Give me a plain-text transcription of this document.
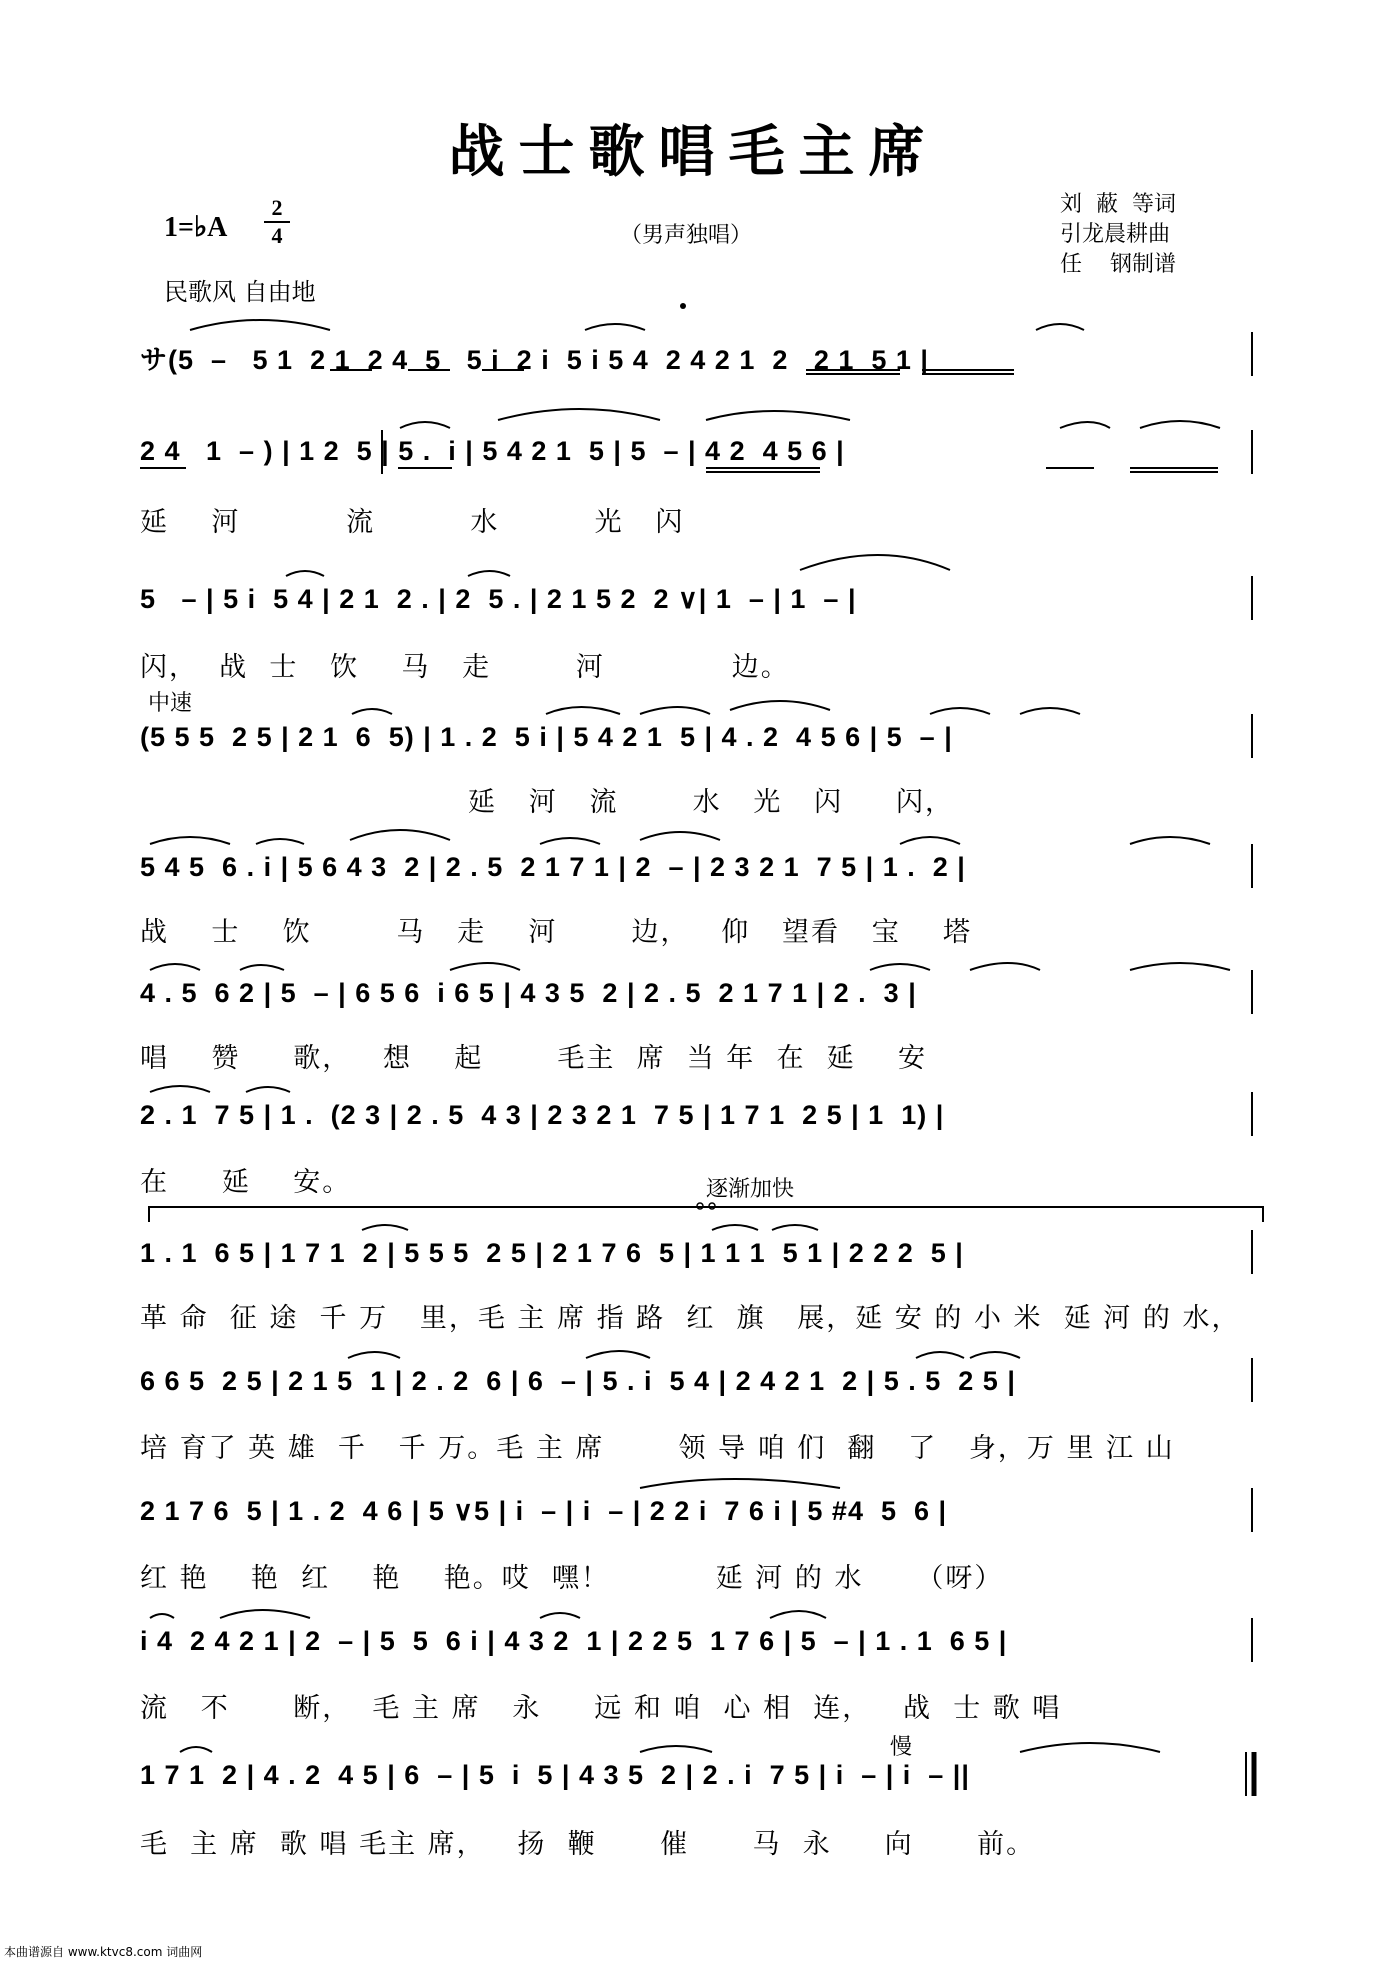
战士歌唱毛主席
1=♭A
2
4	（男声独唱）
刘  蔽  等词
引龙晨耕曲
任    钢制谱
民歌风 自由地
サ(5  –   5 1  2 1  2 4  5   5 i  2 i  5 i 5 4  2 4 2 1  2   2 1  5 1 |
2 4   1  – ) | 1 2  5 | 5 .  i | 5 4 2 1  5 | 5  – | 4 2  4 5 6 |
延    河          流         水         光   闪
5   – | 5 i  5 4 | 2 1  2 . | 2  5 . | 2 1 5 2  2 ∨| 1  – | 1  – |
闪，  战  士   饮    马   走        河            边。
中速
(5 5 5  2 5 | 2 1  6  5) | 1 . 2  5 i | 5 4 2 1  5 | 4 . 2  4 5 6 | 5  – |
延   河   流       水   光   闪     闪，
5 4 5  6 . i | 5 6 4 3  2 | 2 . 5  2 1 7 1 | 2  – | 2 3 2 1  7 5 | 1 .  2 |
战    士    饮        马   走    河       边，   仰   望看   宝    塔
4 . 5  6 2 | 5  – | 6 5 6  i 6 5 | 4 3 5  2 | 2 . 5  2 1 7 1 | 2 .  3 |
唱    赞     歌，   想    起       毛主  席  当 年  在  延    安
2 . 1  7 5 | 1 .  (2 3 | 2 . 5  4 3 | 2 3 2 1  7 5 | 1 7 1  2 5 | 1  1) |
在     延    安。	逐渐加快
1 . 1  6 5 | 1 7 1  2 | 5 5 5  2 5 | 2 1 7 6  5 | 1 1 1  5 1 | 2 2 2  5 |
革 命  征 途  千 万   里，毛 主 席 指 路  红  旗   展，延 安 的 小 米  延 河 的 水，
6 6 5  2 5 | 2 1 5  1 | 2 . 2  6 | 6  – | 5 . i  5 4 | 2 4 2 1  2 | 5 . 5  2 5 |
培 育了 英 雄  千   千 万。毛 主 席       领 导 咱 们  翻   了   身，万 里 江 山
2 1 7 6  5 | 1 . 2  4 6 | 5 ∨5 | i  – | i  – | 2 2 i  7 6 i | 5 #4  5  6 |
红 艳    艳  红    艳    艳。哎  嘿！          延 河 的 水     （呀）
i 4  2 4 2 1 | 2  – | 5  5  6 i | 4 3 2  1 | 2 2 5  1 7 6 | 5  – | 1 . 1  6 5 |
流   不      断，  毛 主 席   永     远 和 咱  心 相  连，   战  士 歌 唱
慢
1 7 1  2 | 4 . 2  4 5 | 6  – | 5  i  5 | 4 3 5  2 | 2 . i  7 5 | i  – | i  – ||
毛  主 席  歌 唱 毛主 席，   扬  鞭      催      马  永     向      前。
本曲谱源自 www.ktvc8.com 词曲网
